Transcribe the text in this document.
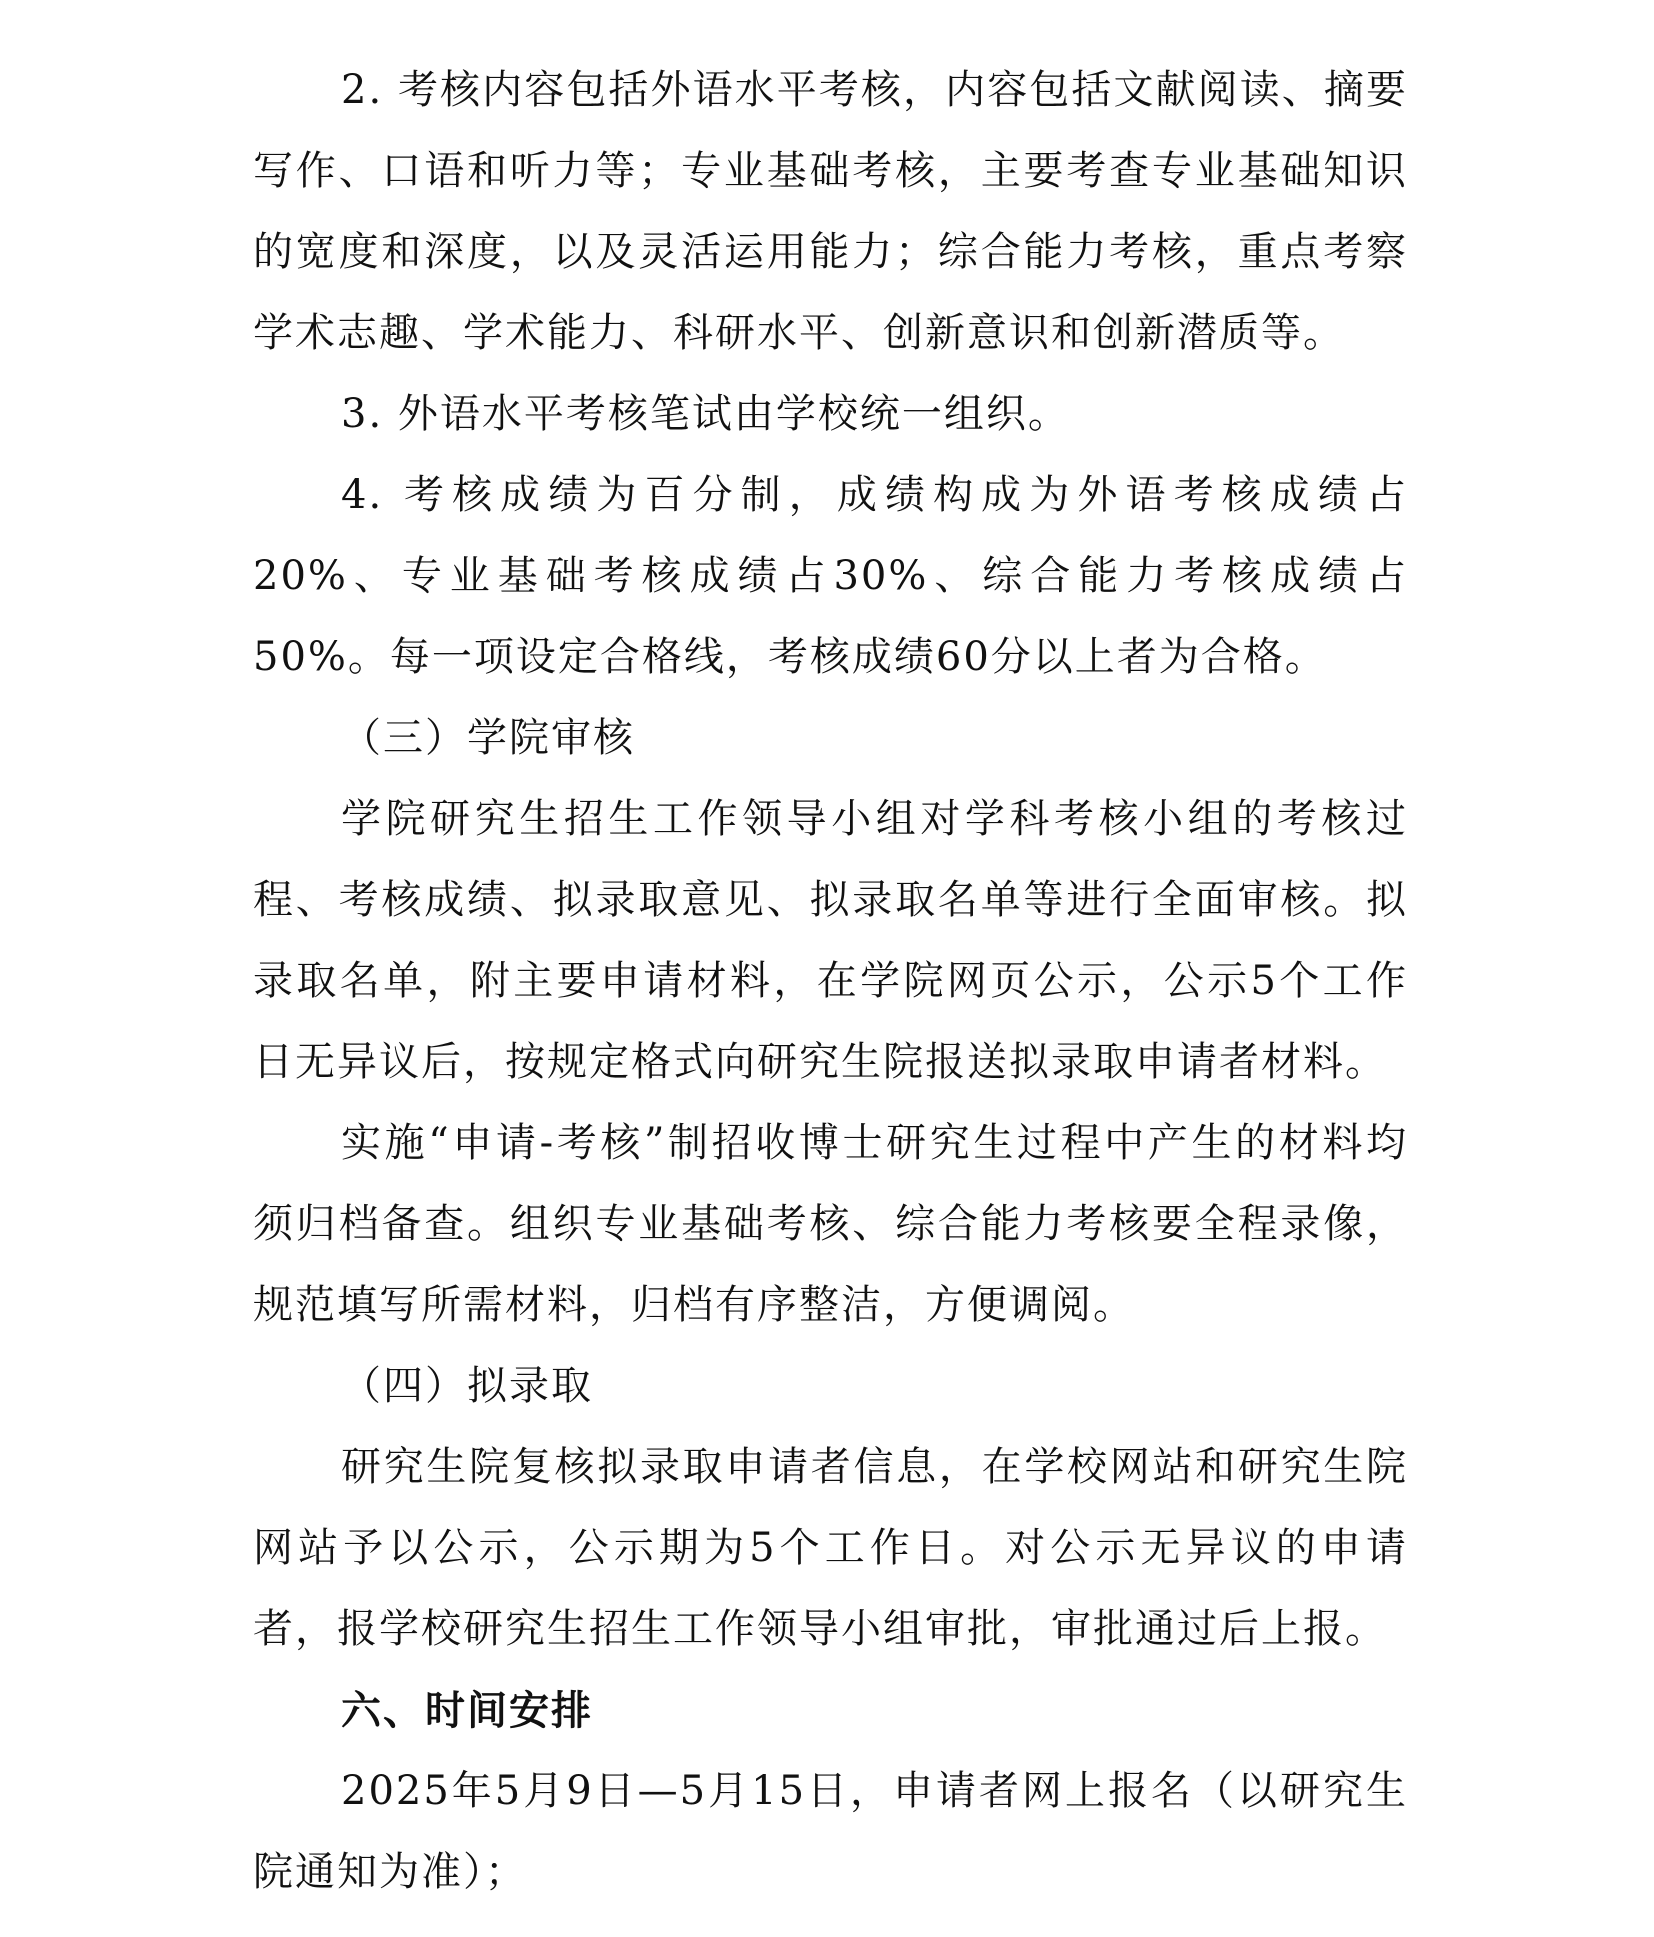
2. 考核内容包括外语水平考核，内容包括文献阅读、摘要写作、口语和听力等；专业基础考核，主要考查专业基础知识的宽度和深度，以及灵活运用能力；综合能力考核，重点考察学术志趣、学术能力、科研水平、创新意识和创新潜质等。

3. 外语水平考核笔试由学校统一组织。

4. 考核成绩为百分制，成绩构成为外语考核成绩占20%、专业基础考核成绩占30%、综合能力考核成绩占50%。每一项设定合格线，考核成绩60分以上者为合格。

（三）学院审核

学院研究生招生工作领导小组对学科考核小组的考核过程、考核成绩、拟录取意见、拟录取名单等进行全面审核。拟录取名单，附主要申请材料，在学院网页公示，公示5个工作日无异议后，按规定格式向研究生院报送拟录取申请者材料。

实施“申请-考核”制招收博士研究生过程中产生的材料均须归档备查。组织专业基础考核、综合能力考核要全程录像，规范填写所需材料，归档有序整洁，方便调阅。

（四）拟录取

研究生院复核拟录取申请者信息，在学校网站和研究生院网站予以公示，公示期为5个工作日。对公示无异议的申请者，报学校研究生招生工作领导小组审批，审批通过后上报。

六、时间安排

2025年5月9日—5月15日，申请者网上报名（以研究生院通知为准）；
